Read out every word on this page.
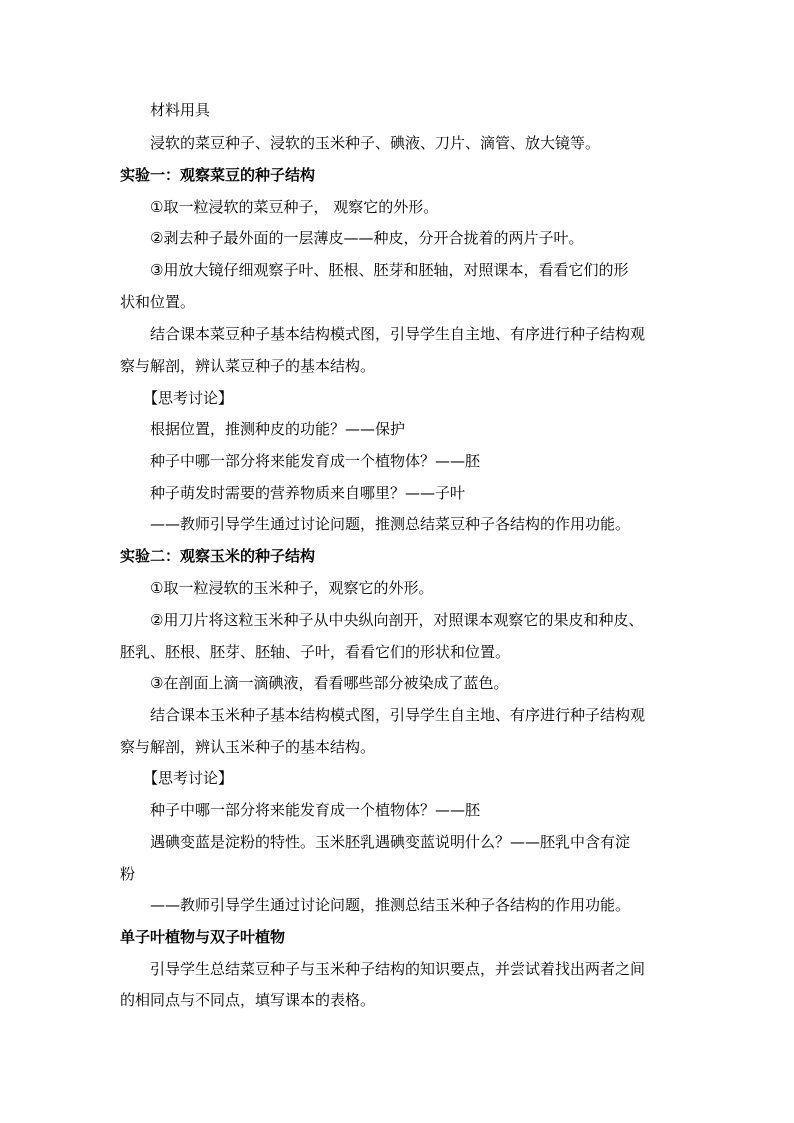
材料用具
浸软的菜豆种子、浸软的玉米种子、碘液、刀片、滴管、放大镜等。
实验一：观察菜豆的种子结构
①取一粒浸软的菜豆种子， 观察它的外形。
②剥去种子最外面的一层薄皮——种皮，分开合拢着的两片子叶。
③用放大镜仔细观察子叶、胚根、胚芽和胚轴，对照课本，看看它们的形
状和位置。
结合课本菜豆种子基本结构模式图，引导学生自主地、有序进行种子结构观
察与解剖，辨认菜豆种子的基本结构。
【思考讨论】
根据位置，推测种皮的功能？——保护
种子中哪一部分将来能发育成一个植物体？——胚
种子萌发时需要的营养物质来自哪里？——子叶
——教师引导学生通过讨论问题，推测总结菜豆种子各结构的作用功能。
实验二：观察玉米的种子结构
①取一粒浸软的玉米种子，观察它的外形。
②用刀片将这粒玉米种子从中央纵向剖开，对照课本观察它的果皮和种皮、
胚乳、胚根、胚芽、胚轴、子叶，看看它们的形状和位置。
③在剖面上滴一滴碘液，看看哪些部分被染成了蓝色。
结合课本玉米种子基本结构模式图，引导学生自主地、有序进行种子结构观
察与解剖，辨认玉米种子的基本结构。
【思考讨论】
种子中哪一部分将来能发育成一个植物体？——胚
遇碘变蓝是淀粉的特性。玉米胚乳遇碘变蓝说明什么？——胚乳中含有淀
粉
——教师引导学生通过讨论问题，推测总结玉米种子各结构的作用功能。
单子叶植物与双子叶植物
引导学生总结菜豆种子与玉米种子结构的知识要点，并尝试着找出两者之间
的相同点与不同点，填写课本的表格。
